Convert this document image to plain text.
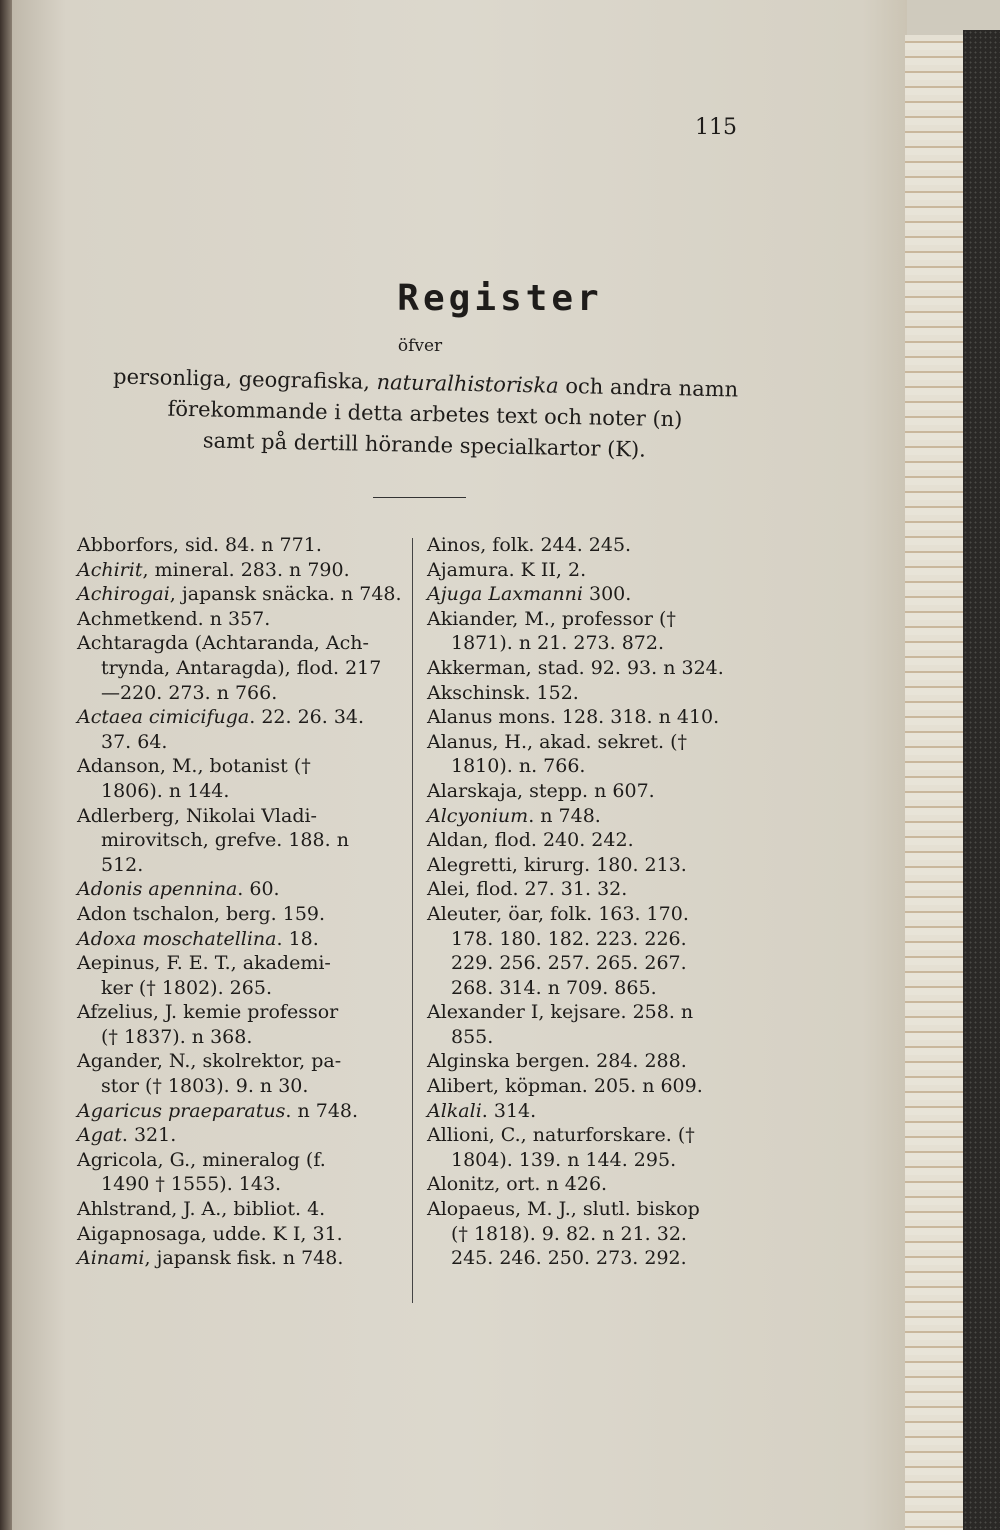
115
Register
öfver
personliga, geografiska, naturalhistoriska och andra namn
förekommande i detta arbetes text och noter (n)
samt på dertill hörande specialkartor (K).
Abborfors, sid. 84. n 771.
Achirit, mineral. 283. n 790.
Achirogai, japansk snäcka. n 748.
Achmetkend. n 357.
Achtaragda (Achtaranda, Ach-
trynda, Antaragda), flod. 217
—220. 273. n 766.
Actaea cimicifuga. 22. 26. 34.
37. 64.
Adanson, M., botanist (†
1806). n 144.
Adlerberg, Nikolai Vladi-
mirovitsch, grefve. 188. n
512.
Adonis apennina. 60.
Adon tschalon, berg. 159.
Adoxa moschatellina. 18.
Aepinus, F. E. T., akademi-
ker († 1802). 265.
Afzelius, J. kemie professor
(† 1837). n 368.
Agander, N., skolrektor, pa-
stor († 1803). 9. n 30.
Agaricus praeparatus. n 748.
Agat. 321.
Agricola, G., mineralog (f.
1490 † 1555). 143.
Ahlstrand, J. A., bibliot. 4.
Aigapnosaga, udde. K I, 31.
Ainami, japansk fisk. n 748.
Ainos, folk. 244. 245.
Ajamura. K II, 2.
Ajuga Laxmanni 300.
Akiander, M., professor (†
1871). n 21. 273. 872.
Akkerman, stad. 92. 93. n 324.
Akschinsk. 152.
Alanus mons. 128. 318. n 410.
Alanus, H., akad. sekret. (†
1810). n. 766.
Alarskaja, stepp. n 607.
Alcyonium. n 748.
Aldan, flod. 240. 242.
Alegretti, kirurg. 180. 213.
Alei, flod. 27. 31. 32.
Aleuter, öar, folk. 163. 170.
178. 180. 182. 223. 226.
229. 256. 257. 265. 267.
268. 314. n 709. 865.
Alexander I, kejsare. 258. n
855.
Alginska bergen. 284. 288.
Alibert, köpman. 205. n 609.
Alkali. 314.
Allioni, C., naturforskare. (†
1804). 139. n 144. 295.
Alonitz, ort. n 426.
Alopaeus, M. J., slutl. biskop
(† 1818). 9. 82. n 21. 32.
245. 246. 250. 273. 292.
